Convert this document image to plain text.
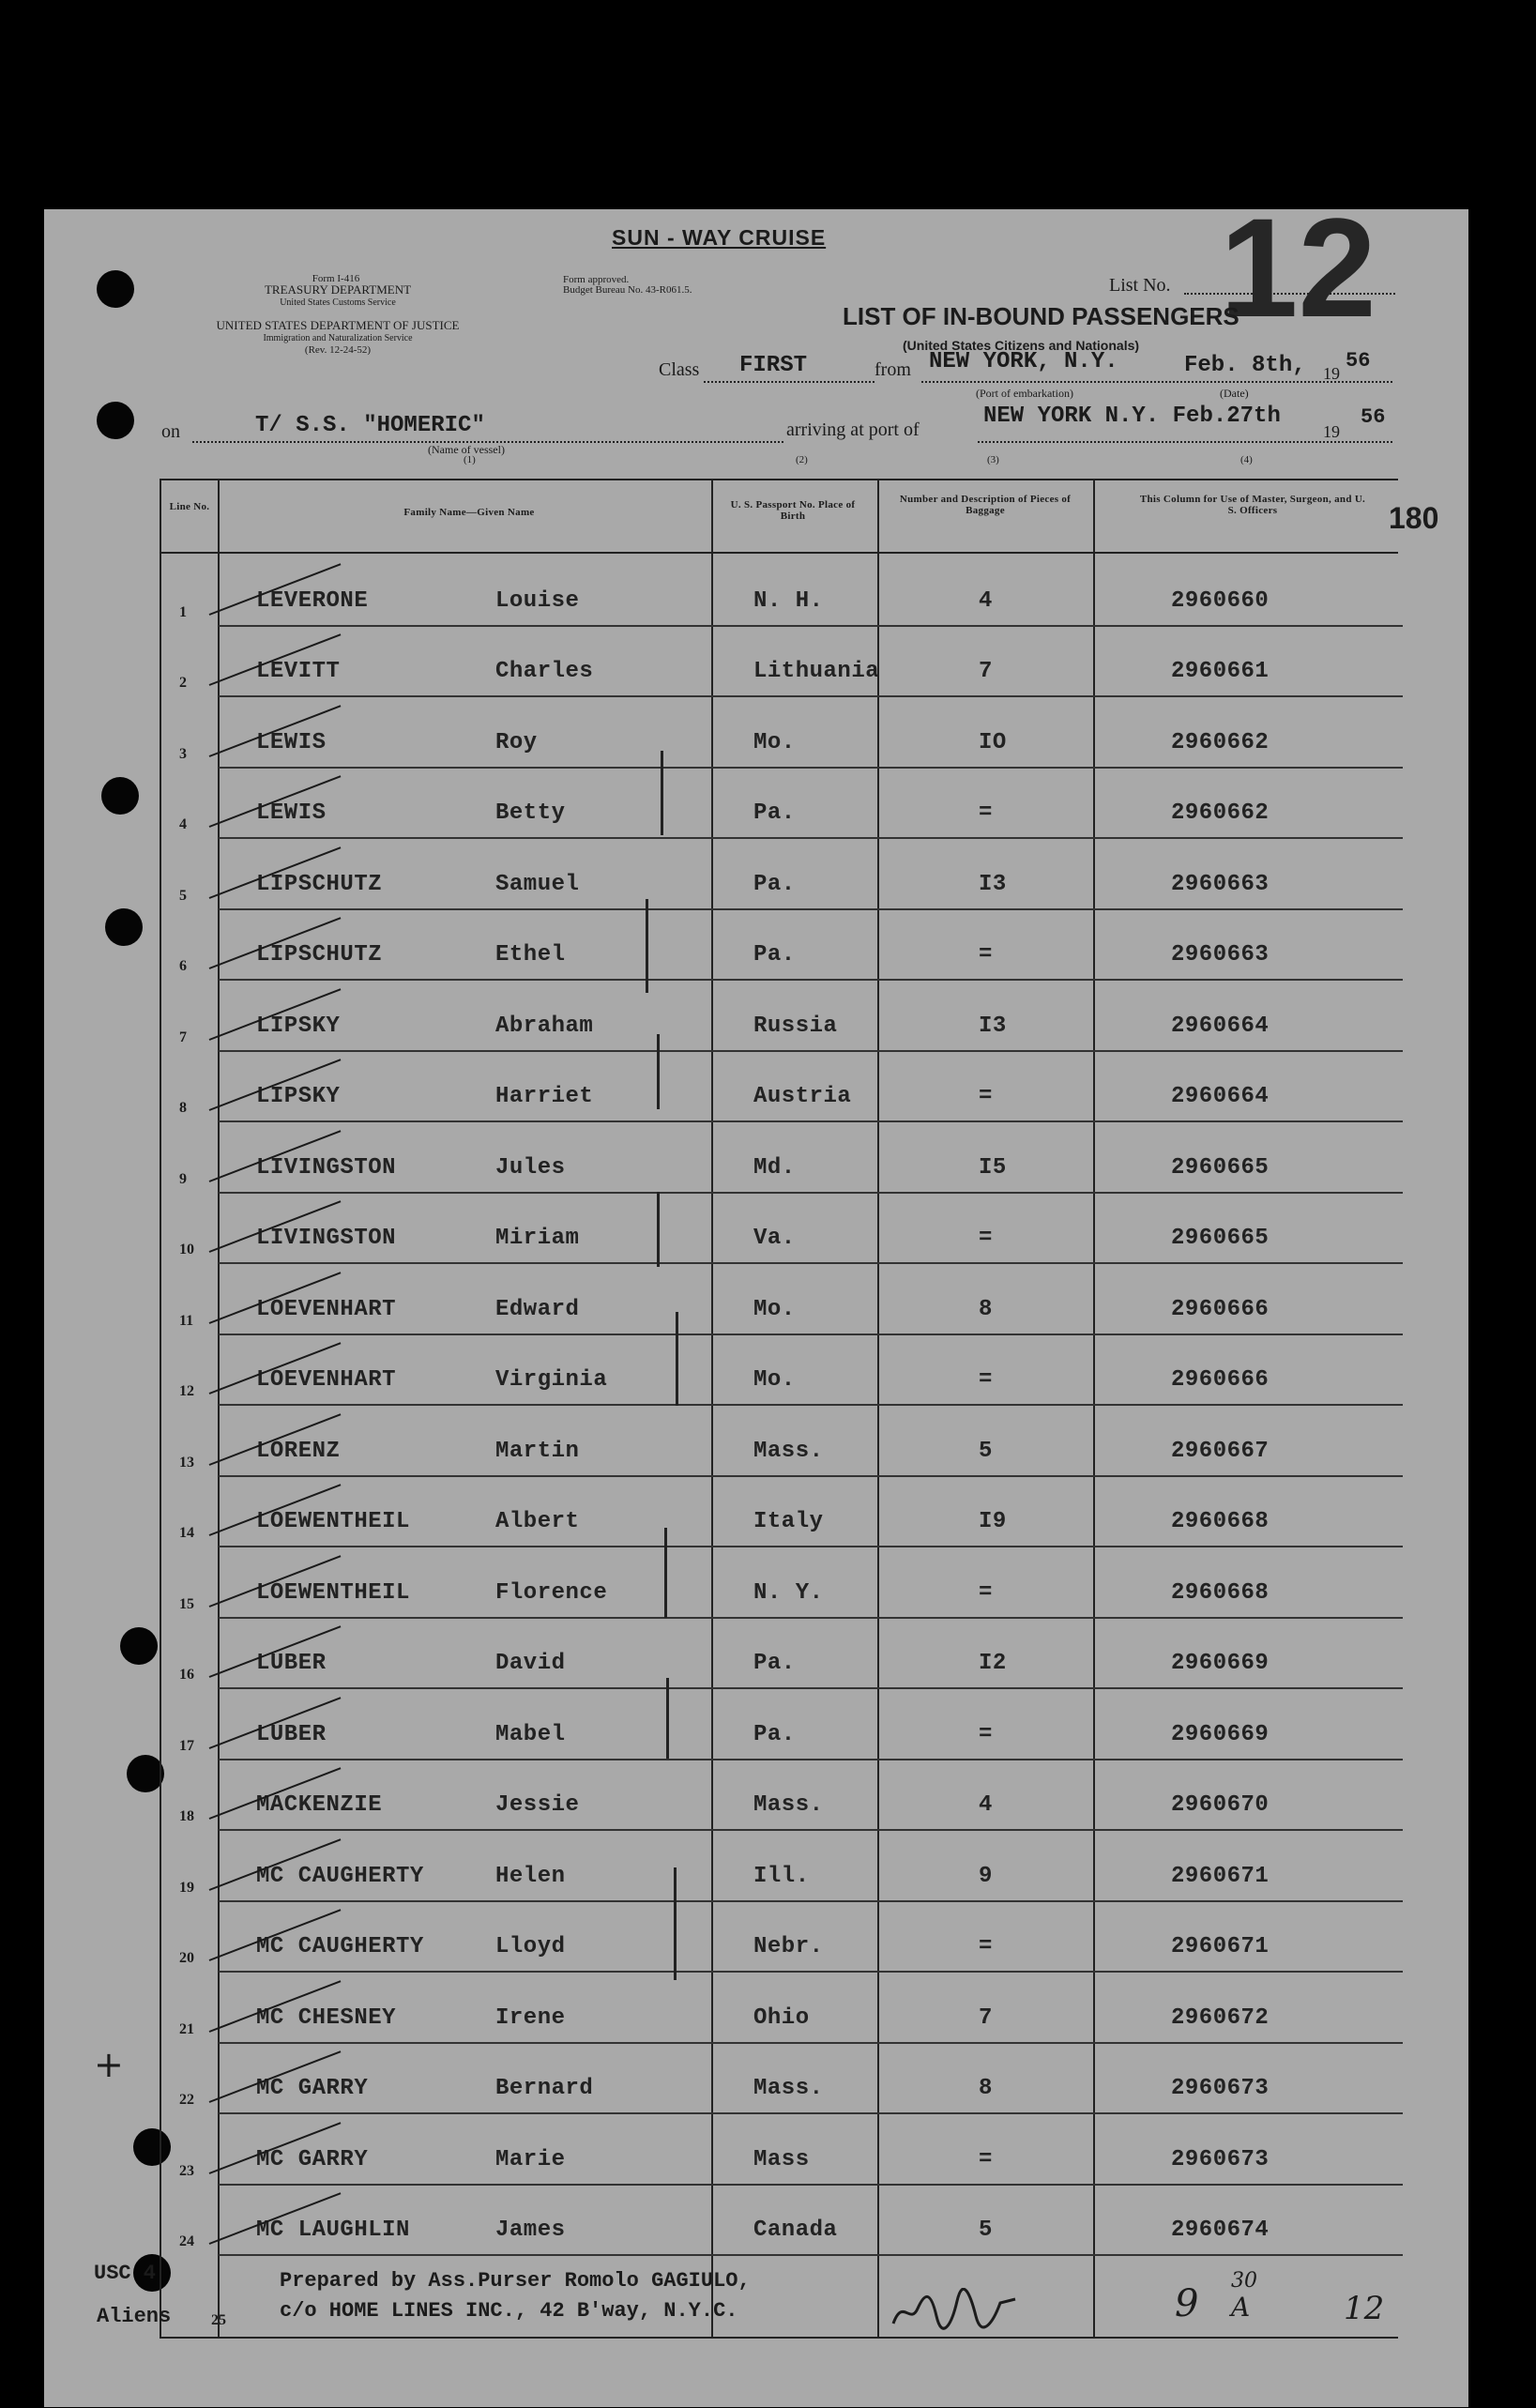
SUN - WAY CRUISE
Form I-416
TREASURY DEPARTMENT
United States Customs Service
UNITED STATES DEPARTMENT OF JUSTICE
Immigration and Naturalization Service
(Rev. 12-24-52)
Form approved.
Budget Bureau No. 43-R061.5.	List No. 12
LIST OF IN-BOUND PASSENGERS
(United States Citizens and Nationals)
Class FIRST	from NEW YORK, N.Y.	Feb. 8th, 19
56
(Port of embarkation)	(Date)
on	T/ S.S. "HOMERIC"
(Name of vessel)
(1)
arriving at port of
NEW YORK N.Y. Feb.27th
19
56
(2)	(3)	(4)
180
Line No.	Family Name—Given Name
U. S. Passport No. Place of Birth
Number and Description of Pieces of Baggage
This Column for Use of Master, Surgeon, and U. S. Officers
1	LEVERONE	Louise	N. H.	4	2960660
2	LEVITT	Charles	Lithuania	7	2960661
3	LEWIS	Roy	Mo.	IO	2960662
4	LEWIS	Betty	Pa.	=	2960662
5	LIPSCHUTZ	Samuel	Pa.	I3	2960663
6	LIPSCHUTZ	Ethel	Pa.	=	2960663
7	LIPSKY	Abraham	Russia	I3	2960664
8	LIPSKY	Harriet	Austria	=	2960664
9	LIVINGSTON	Jules	Md.	I5	2960665
10	LIVINGSTON	Miriam	Va.	=	2960665
11	LOEVENHART	Edward	Mo.	8	2960666
12	LOEVENHART	Virginia	Mo.	=	2960666
13	LORENZ	Martin	Mass.	5	2960667
14	LOEWENTHEIL	Albert	Italy	I9	2960668
15	LOEWENTHEIL	Florence	N. Y.	=	2960668
16	LUBER	David	Pa.	I2	2960669
17	LUBER	Mabel	Pa.	=	2960669
18	MACKENZIE	Jessie	Mass.	4	2960670
19	MC CAUGHERTY	Helen	Ill.	9	2960671
20	MC CAUGHERTY	Lloyd	Nebr.	=	2960671
21	MC CHESNEY	Irene	Ohio	7	2960672
22	MC GARRY	Bernard	Mass.	8	2960673
23	MC GARRY	Marie	Mass	=	2960673
24	MC LAUGHLIN	James	Canada	5	2960674
25
USC 4
Aliens
Prepared by Ass.Purser Romolo GAGIULO,
c/o HOME LINES INC., 42 B'way, N.Y.C.	9
30
A	12
+
